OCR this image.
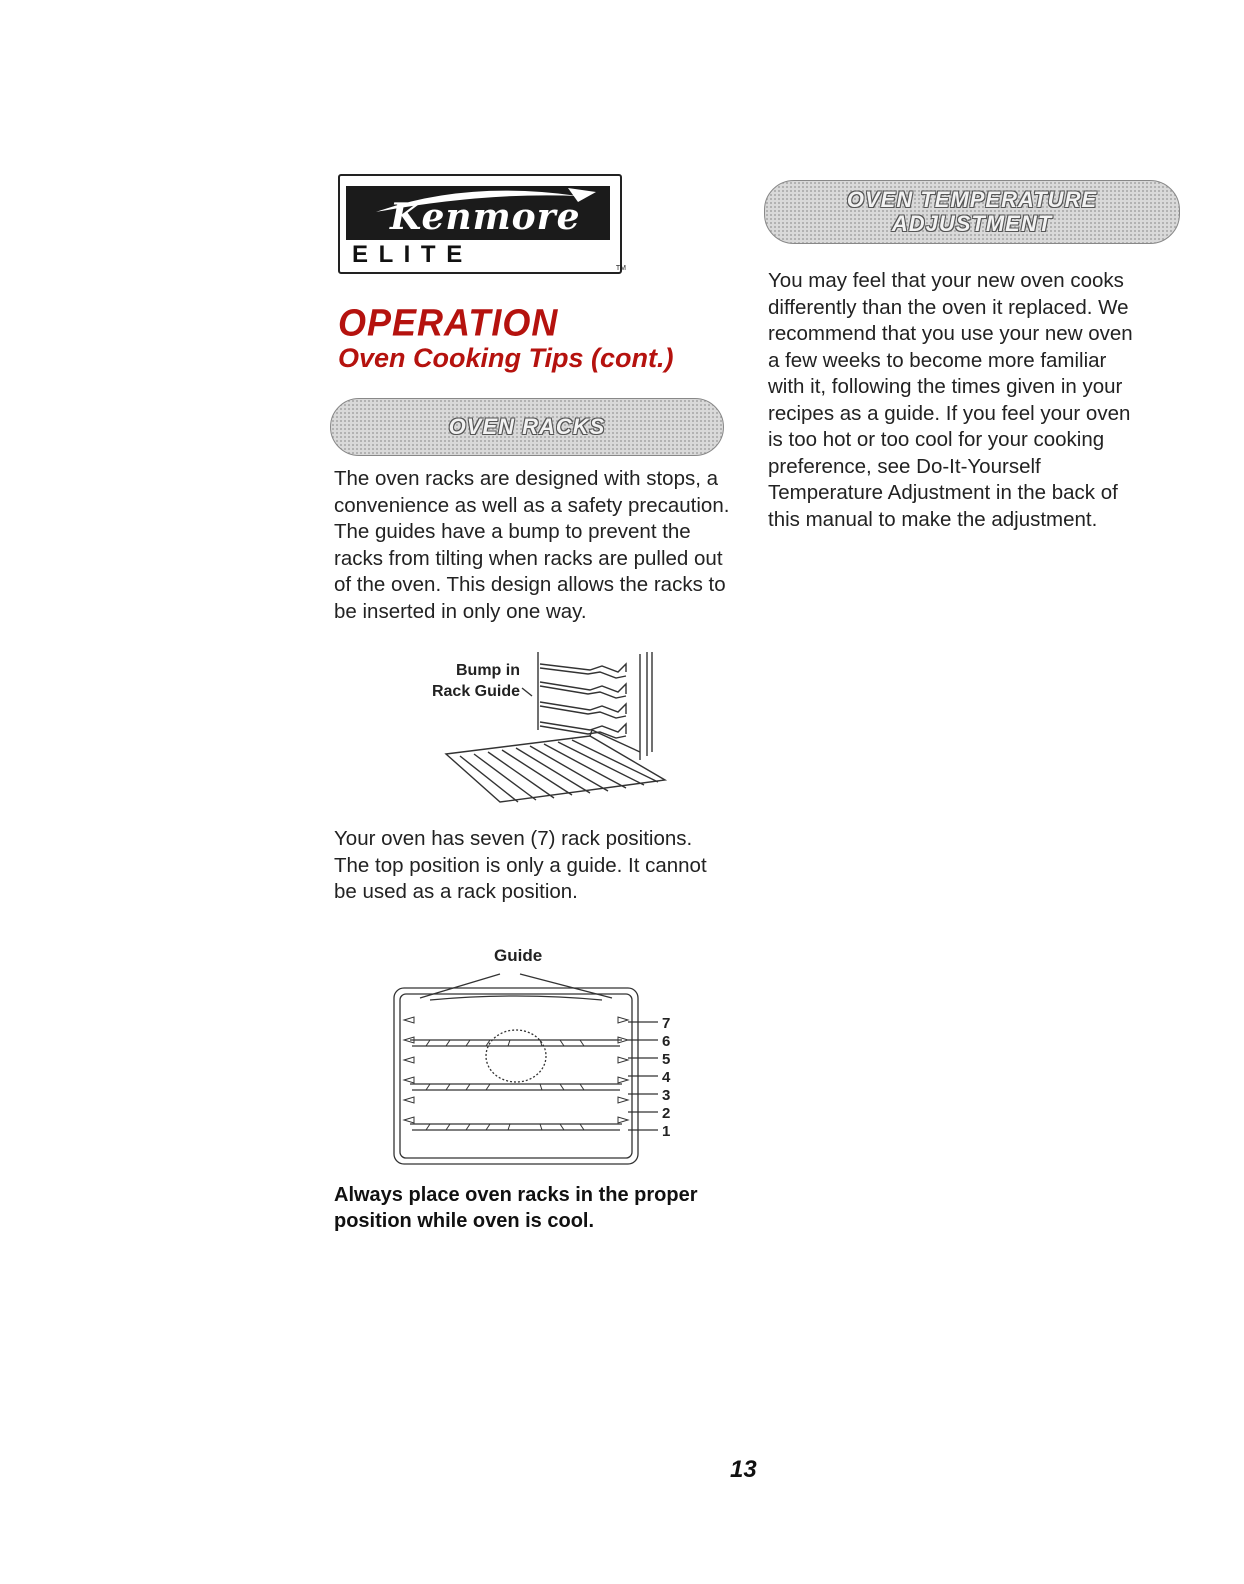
Kenmore
E L I T E
TM
OPERATION
Oven Cooking Tips (cont.)
OVEN RACKS
The oven racks are designed with stops, a convenience as well as a safety precaution. The guides have a bump to prevent the racks from tilting when racks are pulled out of the oven. This design allows the racks to be inserted in only one way.
Bump in
Rack Guide
Your oven has seven (7) rack positions. The top position is only a guide. It cannot be used as a rack position.
Guide
7
6
5
4
3
2
1
Always place oven racks in the proper position while oven is cool.
OVEN TEMPERATURE
ADJUSTMENT
You may feel that your new oven cooks differently than the oven it replaced. We recommend that you use your new oven a few weeks to become more familiar with it, following the times given in your recipes as a guide. If you feel your oven is too hot or too cool for your cooking preference, see Do-It-Yourself Temperature Adjustment in the back of this manual to make the adjustment.
13
